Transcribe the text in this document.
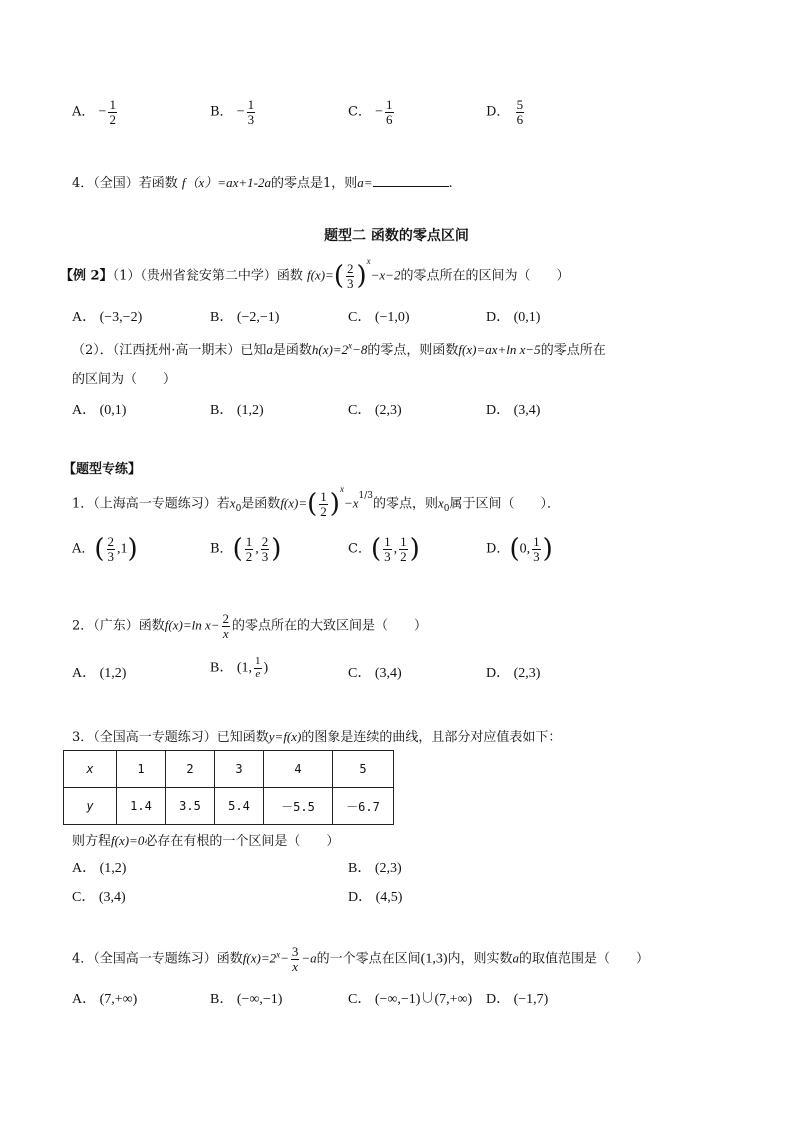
A． − $\frac{1}{2}$	B． − $\frac{1}{3}$	C． − $\frac{1}{6}$	D． $\frac{5}{6}$
4．（全国）若函数 f（x）=ax+1-2a的零点是1，则a=	.
题型二 函数的零点区间
【例 2】（1）（贵州省瓮安第二中学）函数 $f(x)=( \frac{2}{3} )^x-x-2$的零点所在的区间为（　　）
A． (−3,−2)	B． (−2,−1)	C． (−1,0)	D． (0,1)
（2）．（江西抚州·高一期末）已知a是函数$h(x)=2^x-8$的零点，则函数f(x)=ax+ln x−5的零点所在
的区间为（　　）
A． (0,1)	B． (1,2)	C． (2,3)	D． (3,4)
【题型专练】
1．（上海高一专题练习）若$x_0$是函数$f(x)=( \frac{1}{2} )^x-x^{1/3}$的零点，则$x_0$属于区间（　　）．
A．( $\frac{2}{3} ,1$)	B．( $\frac{1}{2}$ , $\frac{2}{3}$ )	C．( $\frac{1}{3}$ , $\frac{1}{2}$ )	D．(0, $\frac{1}{3}$ )
2．（广东）函数f(x)=ln $x- \frac{2}{x}$ 的零点所在的大致区间是（　　）
A． (1,2)	B． (1, $\frac{1}{e}$ )	C． (3,4)	D． (2,3)
3．（全国高一专题练习）已知函数y=f(x)的图象是连续的曲线，且部分对应值表如下：
x	1	2	3	4	5
y	1.4	3.5	5.4	－5.5	－6.7
则方程f(x)=0必存在有根的一个区间是（　　）
A． (1,2)	B． (2,3)
C． (3,4)	D． (4,5)
4．（全国高一专题练习）函数$f(x)=2^x- \frac{3}{x} -a$的一个零点在区间(1,3)内，则实数a的取值范围是（　　）
A． (7,+∞)	B． (−∞,−1)	C． (−∞,−1)∪(7,+∞) D． (−1,7)
